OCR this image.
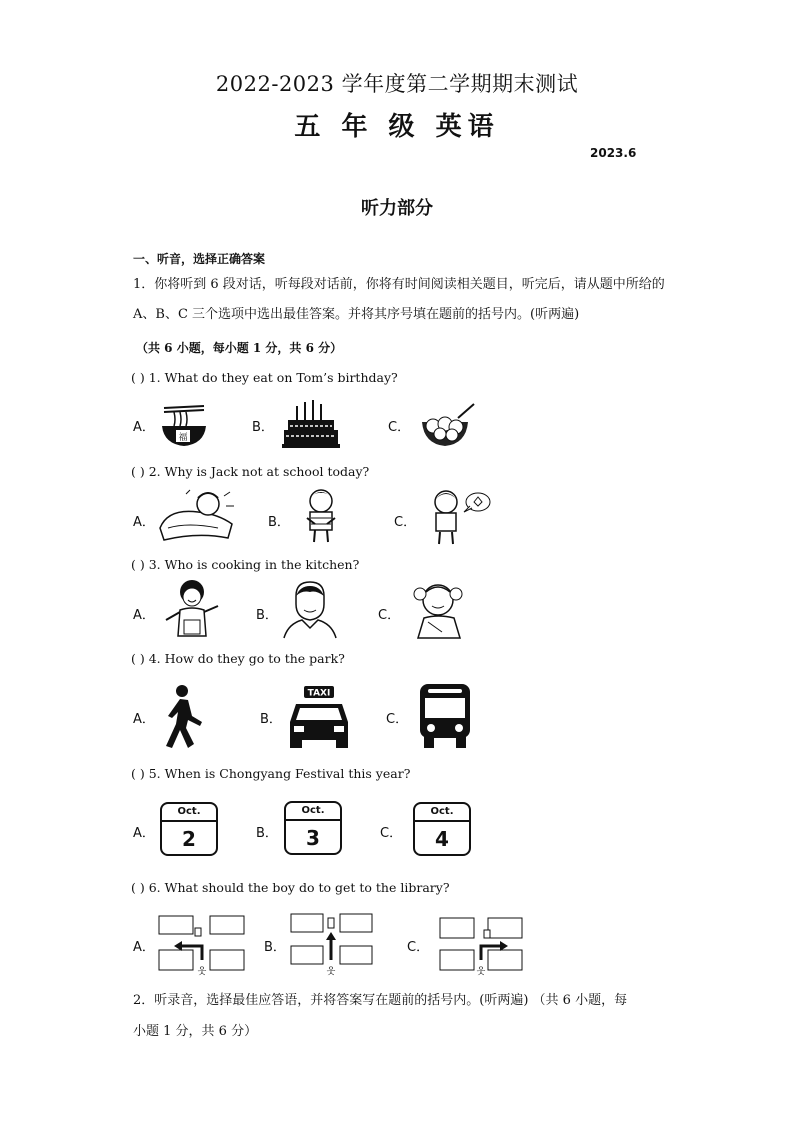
2022-2023 学年度第二学期期末测试
五 年 级 英语
2023.6
听力部分
一、听音，选择正确答案
1．你将听到 6 段对话，听每段对话前，你将有时间阅读相关题目，听完后，请从题中所给的 A、B、C 三个选项中选出最佳答案。并将其序号填在题前的括号内。(听两遍)
（共 6 小题，每小题 1 分，共 6 分）
( ) 1. What do they eat on Tom’s birthday?
A．
福
B．	C．
( ) 2. Why is Jack not at school today?
A．	B．	C．
( ) 3. Who is cooking in the kitchen?
A．	B．	C．
( ) 4. How do they go to the park?
A．	B．
TAXI
C．
( ) 5. When is Chongyang Festival this year?
A．
Oct.
2	B．
Oct.
3	C．
Oct.
4
( ) 6. What should the boy do to get to the library?
A．
웃
B．
웃
C．
웃
2．听录音，选择最佳应答语，并将答案写在题前的括号内。(听两遍) （共 6 小题，每
小题 1 分，共 6 分）
